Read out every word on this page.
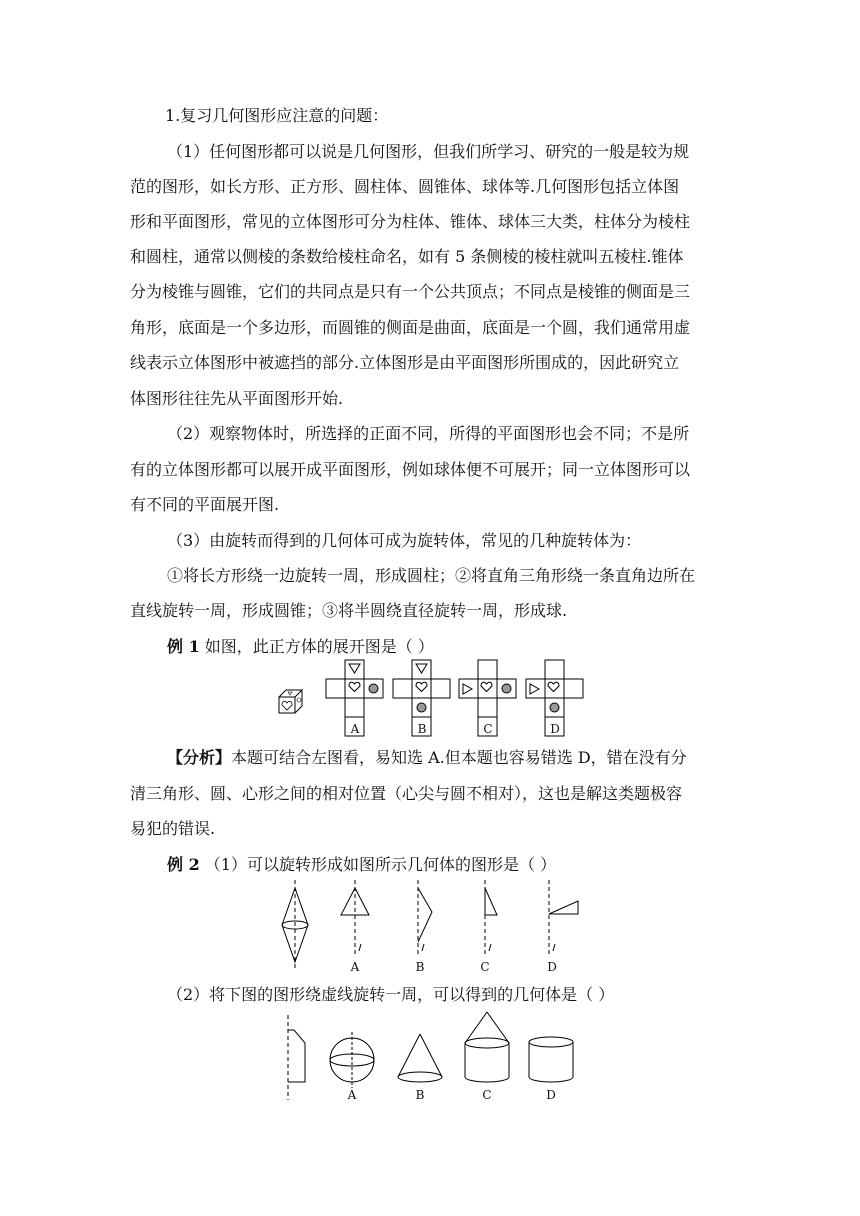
1.复习几何图形应注意的问题：
（1）任何图形都可以说是几何图形，但我们所学习、研究的一般是较为规
范的图形，如长方形、正方形、圆柱体、圆锥体、球体等.几何图形包括立体图
形和平面图形，常见的立体图形可分为柱体、锥体、球体三大类，柱体分为棱柱
和圆柱，通常以侧棱的条数给棱柱命名，如有 5 条侧棱的棱柱就叫五棱柱.锥体
分为棱锥与圆锥，它们的共同点是只有一个公共顶点；不同点是棱锥的侧面是三
角形，底面是一个多边形，而圆锥的侧面是曲面，底面是一个圆，我们通常用虚
线表示立体图形中被遮挡的部分.立体图形是由平面图形所围成的，因此研究立
体图形往往先从平面图形开始.
（2）观察物体时，所选择的正面不同，所得的平面图形也会不同；不是所
有的立体图形都可以展开成平面图形，例如球体便不可展开；同一立体图形可以
有不同的平面展开图.
（3）由旋转而得到的几何体可成为旋转体，常见的几种旋转体为：
①将长方形绕一边旋转一周，形成圆柱；②将直角三角形绕一条直角边所在
直线旋转一周，形成圆锥；③将半圆绕直径旋转一周，形成球.
例 1 如图，此正方体的展开图是（ ）
A	B	C	D
【分析】本题可结合左图看，易知选 A.但本题也容易错选 D，错在没有分
清三角形、圆、心形之间的相对位置（心尖与圆不相对），这也是解这类题极容
易犯的错误.
例 2 （1）可以旋转形成如图所示几何体的图形是（ ）
A	B	C	D
（2）将下图的图形绕虚线旋转一周，可以得到的几何体是（ ）
A	B	C	D
